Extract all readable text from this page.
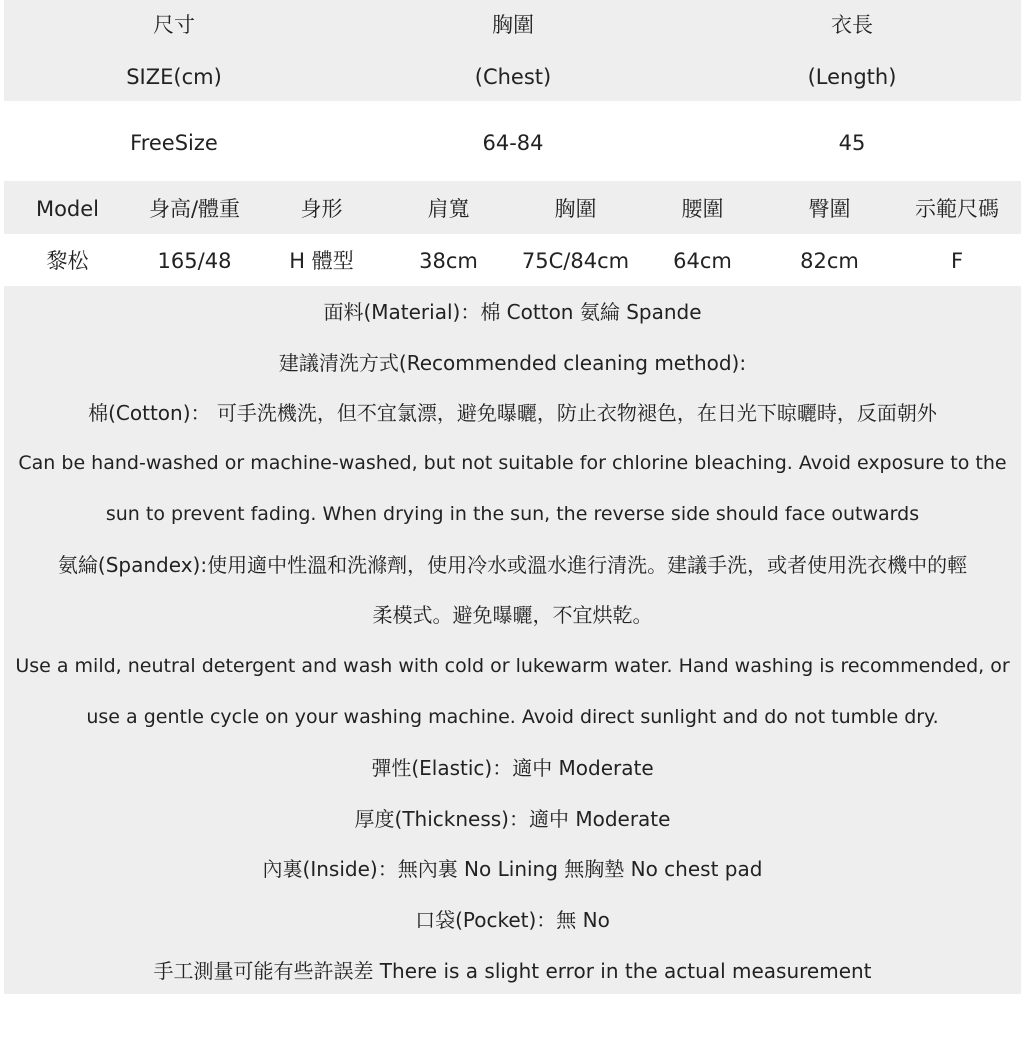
尺寸	胸圍	衣長
SIZE(cm)	(Chest)	(Length)
FreeSize	64-84	45
Model	身高/體重	身形	肩寬	胸圍	腰圍	臀圍	示範尺碼
黎松	165/48	H 體型	38cm	75C/84cm	64cm	82cm	F
面料(Material)：棉 Cotton 氨綸 Spande
建議清洗方式(Recommended cleaning method):
棉(Cotton)： 可手洗機洗，但不宜氯漂，避免曝曬，防止衣物褪色，在日光下晾曬時，反面朝外
Can be hand-washed or machine-washed, but not suitable for chlorine bleaching. Avoid exposure to the
sun to prevent fading. When drying in the sun, the reverse side should face outwards
氨綸(Spandex):使用適中性溫和洗滌劑，使用冷水或溫水進行清洗。建議手洗，或者使用洗衣機中的輕
柔模式。避免曝曬，不宜烘乾。
Use a mild, neutral detergent and wash with cold or lukewarm water. Hand washing is recommended, or
use a gentle cycle on your washing machine. Avoid direct sunlight and do not tumble dry.
彈性(Elastic)：適中 Moderate
厚度(Thickness)：適中 Moderate
內裏(Inside)：無內裏 No Lining 無胸墊 No chest pad
口袋(Pocket)：無 No
手工測量可能有些許誤差 There is a slight error in the actual measurement
